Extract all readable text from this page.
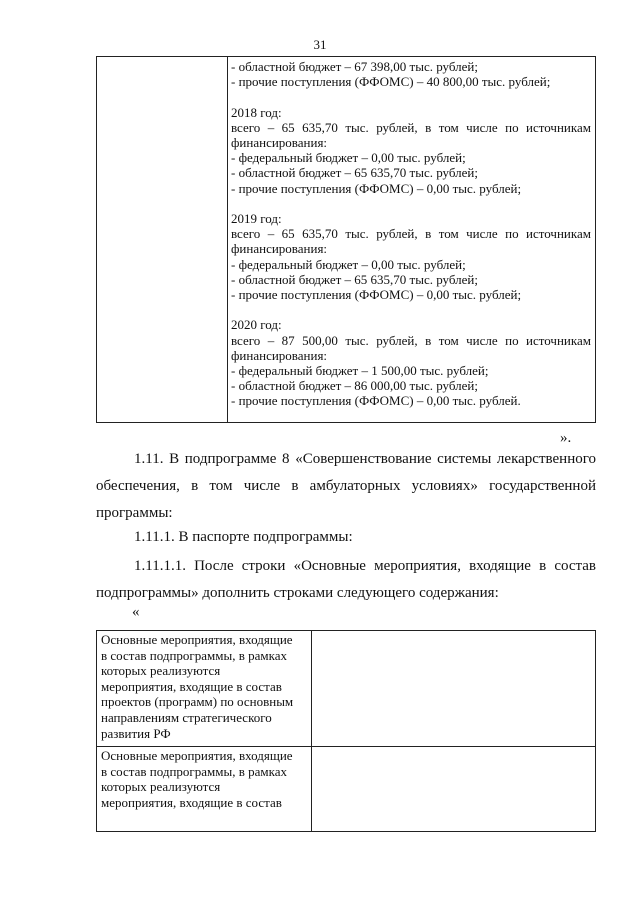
31
- областной бюджет – 67 398,00 тыс. рублей;
- прочие поступления (ФФОМС) – 40 800,00 тыс. рублей;
2018 год:
всего – 65 635,70 тыс. рублей, в том числе по источникам
финансирования:
- федеральный бюджет – 0,00 тыс. рублей;
- областной бюджет – 65 635,70 тыс. рублей;
- прочие поступления (ФФОМС) – 0,00 тыс. рублей;
2019 год:
всего – 65 635,70 тыс. рублей, в том числе по источникам
финансирования:
- федеральный бюджет – 0,00 тыс. рублей;
- областной бюджет – 65 635,70 тыс. рублей;
- прочие поступления (ФФОМС) – 0,00 тыс. рублей;
2020 год:
всего – 87 500,00 тыс. рублей, в том числе по источникам
финансирования:
- федеральный бюджет – 1 500,00 тыс. рублей;
- областной бюджет – 86 000,00 тыс. рублей;
- прочие поступления (ФФОМС) – 0,00 тыс. рублей.
».
1.11. В подпрограмме 8 «Совершенствование системы лекарственного
обеспечения, в том числе в амбулаторных условиях» государственной
программы:
1.11.1. В паспорте подпрограммы:
1.11.1.1. После строки «Основные мероприятия, входящие в состав
подпрограммы» дополнить строками следующего содержания:
«
Основные мероприятия, входящие
в состав подпрограммы, в рамках
которых реализуются
мероприятия, входящие в состав
проектов (программ) по основным
направлениям стратегического
развития РФ
Основные мероприятия, входящие
в состав подпрограммы, в рамках
которых реализуются
мероприятия, входящие в состав
